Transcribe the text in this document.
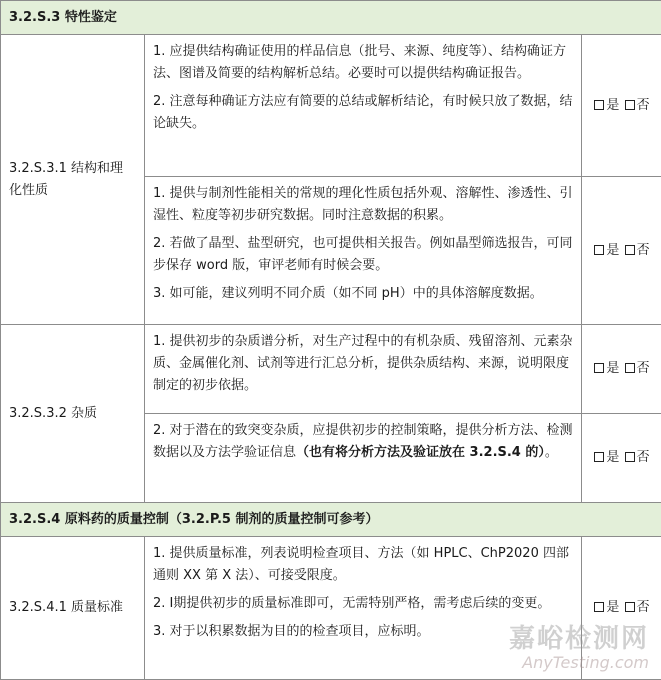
3.2.S.3 特性鉴定		
3.2.S.3.1 结构和理化性质	1. 应提供结构确证使用的样品信息（批号、来源、纯度等）、结构确证方法、图谱及简要的结构解析总结。必要时可以提供结构确证报告。

2. 注意每种确证方法应有简要的总结或解析结论，有时候只放了数据，结论缺失。	是 否

	1. 提供与制剂性能相关的常规的理化性质包括外观、溶解性、渗透性、引湿性、粒度等初步研究数据。同时注意数据的积累。

2. 若做了晶型、盐型研究，也可提供相关报告。例如晶型筛选报告，可同步保存 word 版，审评老师有时候会要。

3. 如可能，建议列明不同介质（如不同 pH）中的具体溶解度数据。	是 否
3.2.S.3.2 杂质	1. 提供初步的杂质谱分析，对生产过程中的有机杂质、残留溶剂、元素杂质、金属催化剂、试剂等进行汇总分析，提供杂质结构、来源，说明限度制定的初步依据。	是 否

	2. 对于潜在的致突变杂质，应提供初步的控制策略，提供分析方法、检测数据以及方法学验证信息（也有将分析方法及验证放在 3.2.S.4 的）。	是 否
3.2.S.4 原料药的质量控制（3.2.P.5 制剂的质量控制可参考）		
3.2.S.4.1 质量标准	1. 提供质量标准，列表说明检查项目、方法（如 HPLC、ChP2020 四部通则 XX 第 X 法）、可接受限度。

2. I期提供初步的质量标准即可，无需特别严格，需考虑后续的变更。

3. 对于以积累数据为目的的检查项目，应标明。	是 否
嘉峪检测网
AnyTesting.com
